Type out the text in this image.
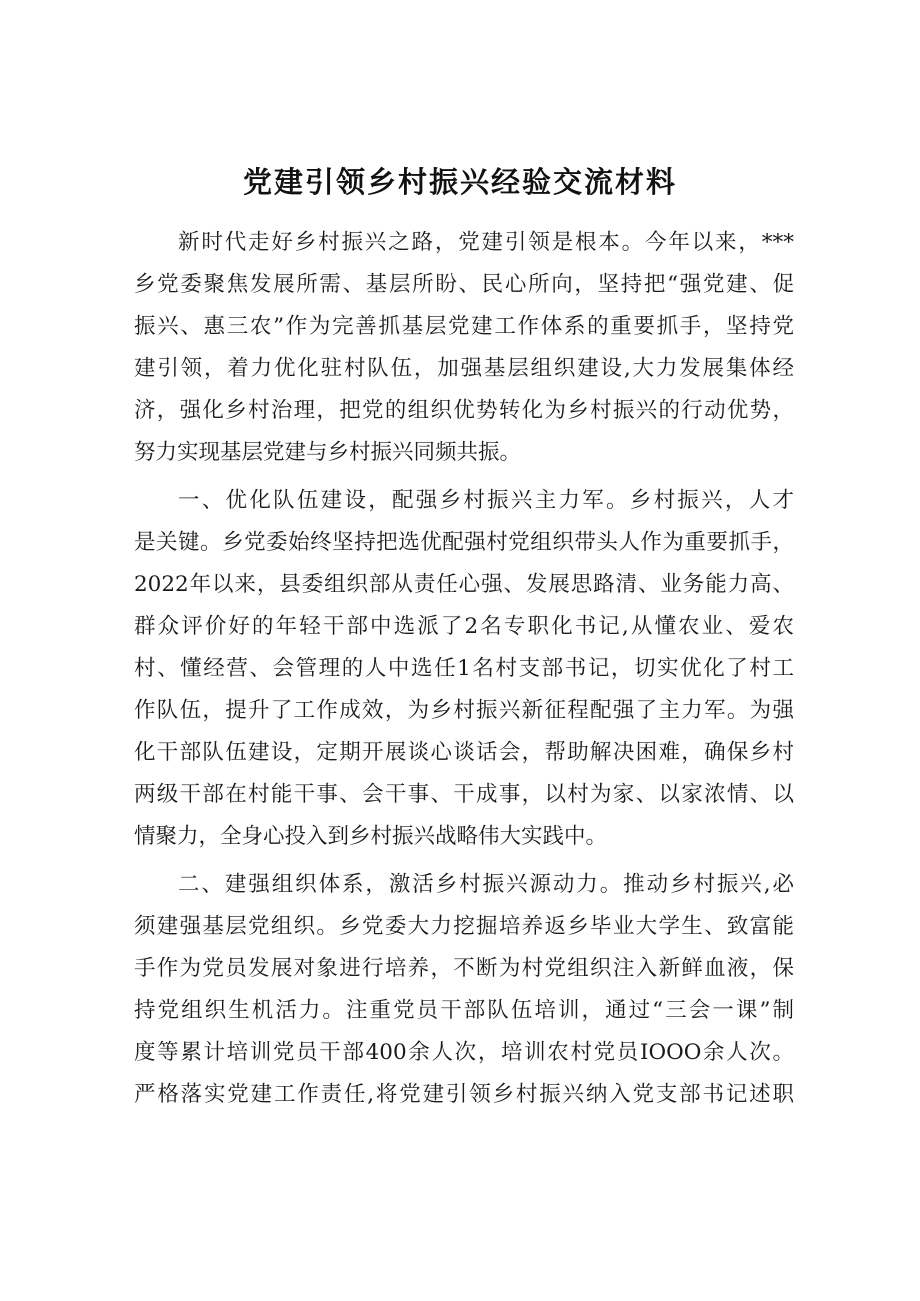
党建引领乡村振兴经验交流材料
新时代走好乡村振兴之路，党建引领是根本。今年以来，***
乡党委聚焦发展所需、基层所盼、民心所向，坚持把“强党建、促
振兴、惠三农”作为完善抓基层党建工作体系的重要抓手，坚持党
建引领，着力优化驻村队伍，加强基层组织建设,大力发展集体经
济，强化乡村治理，把党的组织优势转化为乡村振兴的行动优势，
努力实现基层党建与乡村振兴同频共振。
一、优化队伍建设，配强乡村振兴主力军。乡村振兴，人才
是关键。乡党委始终坚持把选优配强村党组织带头人作为重要抓手，
2022年以来，县委组织部从责任心强、发展思路清、业务能力高、
群众评价好的年轻干部中选派了2名专职化书记,从懂农业、爱农
村、懂经营、会管理的人中选任1名村支部书记，切实优化了村工
作队伍，提升了工作成效，为乡村振兴新征程配强了主力军。为强
化干部队伍建设，定期开展谈心谈话会，帮助解决困难，确保乡村
两级干部在村能干事、会干事、干成事，以村为家、以家浓情、以
情聚力，全身心投入到乡村振兴战略伟大实践中。
二、建强组织体系，激活乡村振兴源动力。推动乡村振兴,必
须建强基层党组织。乡党委大力挖掘培养返乡毕业大学生、致富能
手作为党员发展对象进行培养，不断为村党组织注入新鲜血液，保
持党组织生机活力。注重党员干部队伍培训，通过“三会一课”制
度等累计培训党员干部400余人次，培训农村党员IOOO余人次。
严格落实党建工作责任,将党建引领乡村振兴纳入党支部书记述职
